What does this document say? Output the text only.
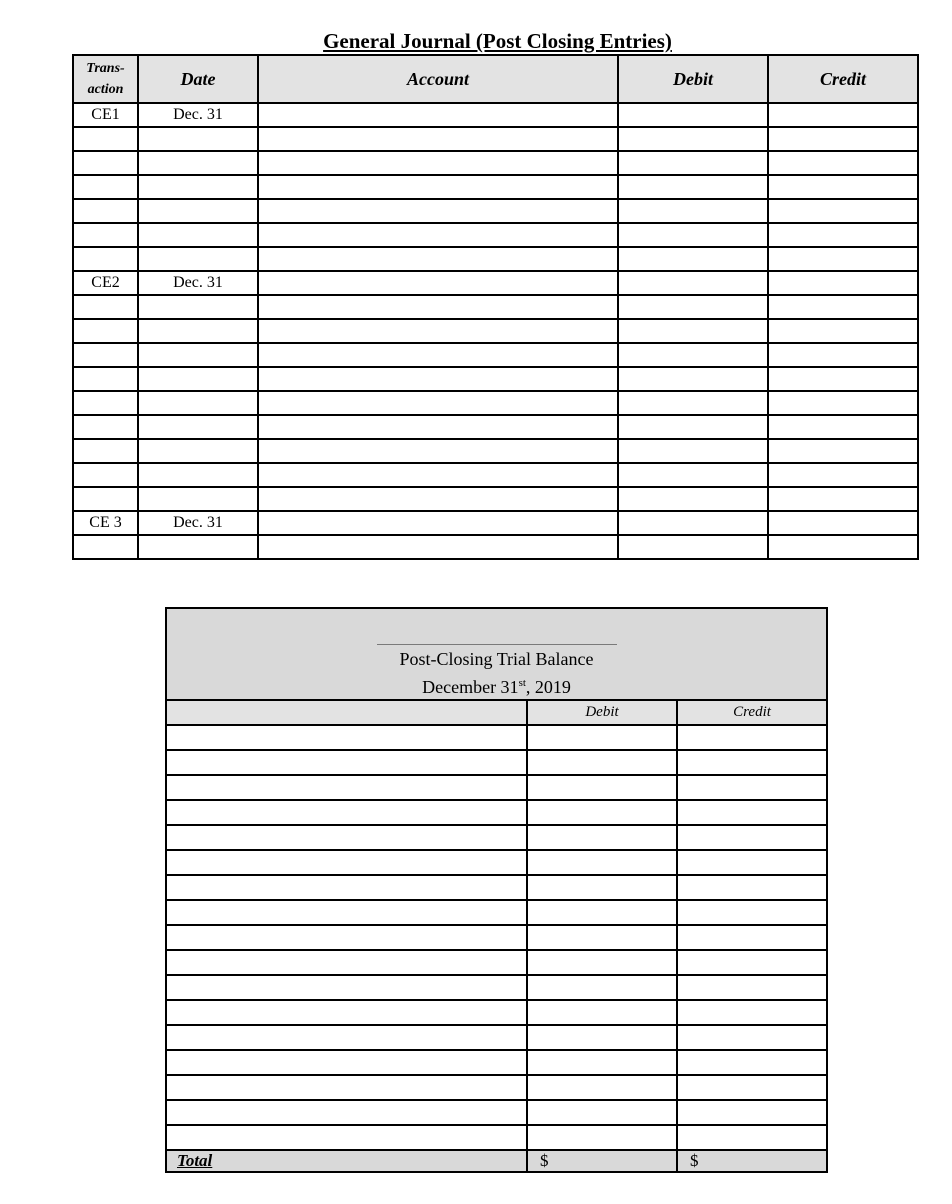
General Journal (Post Closing Entries)
Trans-
action	Date	Account	Debit	Credit
CE1	Dec. 31			

CE2	Dec. 31			

CE 3	Dec. 31			

Post-Closing Trial Balance
December 31st, 2019		

	Debit	Credit

Total	$	$
